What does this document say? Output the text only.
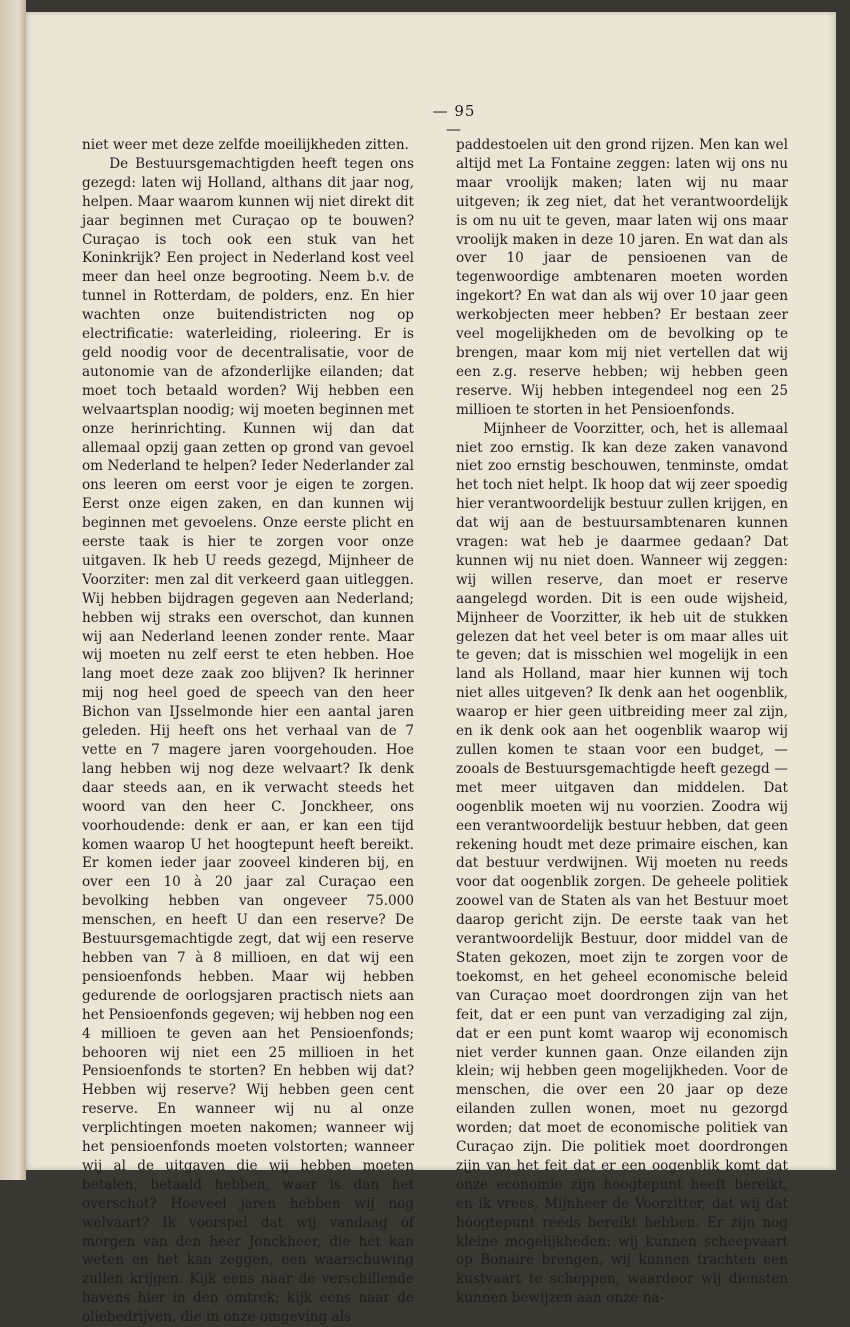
— 95 —

niet weer met deze zelfde moeilijkheden zitten.

De Bestuursgemachtigden heeft tegen ons gezegd: laten wij Holland, althans dit jaar nog, helpen. Maar waarom kunnen wij niet direkt dit jaar beginnen met Curaçao op te bouwen? Curaçao is toch ook een stuk van het Koninkrijk? Een project in Nederland kost veel meer dan heel onze begrooting. Neem b.v. de tunnel in Rotterdam, de polders, enz. En hier wachten onze buitendistricten nog op electrificatie: waterleiding, rioleering. Er is geld noodig voor de decentralisatie, voor de autonomie van de afzonderlijke eilanden; dat moet toch betaald worden? Wij hebben een welvaartsplan noodig; wij moeten beginnen met onze herinrichting. Kunnen wij dan dat allemaal opzij gaan zetten op grond van gevoel om Nederland te helpen? Ieder Nederlander zal ons leeren om eerst voor je eigen te zorgen. Eerst onze eigen zaken, en dan kunnen wij beginnen met gevoelens. Onze eerste plicht en eerste taak is hier te zorgen voor onze uitgaven. Ik heb U reeds gezegd, Mijnheer de Voorziter: men zal dit verkeerd gaan uitleggen. Wij hebben bijdragen gegeven aan Nederland; hebben wij straks een overschot, dan kunnen wij aan Nederland leenen zonder rente. Maar wij moeten nu zelf eerst te eten hebben. Hoe lang moet deze zaak zoo blijven? Ik herinner mij nog heel goed de speech van den heer Bichon van IJsselmonde hier een aantal jaren geleden. Hij heeft ons het verhaal van de 7 vette en 7 magere jaren voorgehouden. Hoe lang hebben wij nog deze welvaart? Ik denk daar steeds aan, en ik verwacht steeds het woord van den heer C. Jonckheer, ons voorhoudende: denk er aan, er kan een tijd komen waarop U het hoogtepunt heeft bereikt. Er komen ieder jaar zooveel kinderen bij, en over een 10 à 20 jaar zal Curaçao een bevolking hebben van ongeveer 75.000 menschen, en heeft U dan een reserve? De Bestuursgemachtigde zegt, dat wij een reserve hebben van 7 à 8 millioen, en dat wij een pensioenfonds hebben. Maar wij hebben gedurende de oorlogsjaren practisch niets aan het Pensioenfonds gegeven; wij hebben nog een 4 millioen te geven aan het Pensioenfonds; behooren wij niet een 25 millioen in het Pensioenfonds te storten? En hebben wij dat? Hebben wij reserve? Wij hebben geen cent reserve. En wanneer wij nu al onze verplichtingen moeten nakomen; wanneer wij het pensioenfonds moeten volstorten; wanneer wij al de uitgaven die wij hebben moeten betalen, betaald hebben, waar is dan het overschot? Hoeveel jaren hebben wij nog welvaart? Ik voorspel dat wij vandaag of morgen van den heer Jonckheer, die het kan weten en het kan zeggen, een waarschuwing zullen krijgen. Kijk eens naar de verschillende havens hier in den omtrek; kijk eens naar de oliebedrijven, die in onze omgeving als

paddestoelen uit den grond rijzen. Men kan wel altijd met La Fontaine zeggen: laten wij ons nu maar vroolijk maken; laten wij nu maar uitgeven; ik zeg niet, dat het verantwoordelijk is om nu uit te geven, maar laten wij ons maar vroolijk maken in deze 10 jaren. En wat dan als over 10 jaar de pensioenen van de tegenwoordige ambtenaren moeten worden ingekort? En wat dan als wij over 10 jaar geen werkobjecten meer hebben? Er bestaan zeer veel mogelijkheden om de bevolking op te brengen, maar kom mij niet vertellen dat wij een z.g. reserve hebben; wij hebben geen reserve. Wij hebben integendeel nog een 25 millioen te storten in het Pensioenfonds.

Mijnheer de Voorzitter, och, het is allemaal niet zoo ernstig. Ik kan deze zaken vanavond niet zoo ernstig beschouwen, tenminste, omdat het toch niet helpt. Ik hoop dat wij zeer spoedig hier verantwoordelijk bestuur zullen krijgen, en dat wij aan de bestuursambtenaren kunnen vragen: wat heb je daarmee gedaan? Dat kunnen wij nu niet doen. Wanneer wij zeggen: wij willen reserve, dan moet er reserve aangelegd worden. Dit is een oude wijsheid, Mijnheer de Voorzitter, ik heb uit de stukken gelezen dat het veel beter is om maar alles uit te geven; dat is misschien wel mogelijk in een land als Holland, maar hier kunnen wij toch niet alles uitgeven? Ik denk aan het oogenblik, waarop er hier geen uitbreiding meer zal zijn, en ik denk ook aan het oogenblik waarop wij zullen komen te staan voor een budget, — zooals de Bestuursgemachtigde heeft gezegd — met meer uitgaven dan middelen. Dat oogenblik moeten wij nu voorzien. Zoodra wij een verantwoordelijk bestuur hebben, dat geen rekening houdt met deze primaire eischen, kan dat bestuur verdwijnen. Wij moeten nu reeds voor dat oogenblik zorgen. De geheele politiek zoowel van de Staten als van het Bestuur moet daarop gericht zijn. De eerste taak van het verantwoordelijk Bestuur, door middel van de Staten gekozen, moet zijn te zorgen voor de toekomst, en het geheel economische beleid van Curaçao moet doordrongen zijn van het feit, dat er een punt van verzadiging zal zijn, dat er een punt komt waarop wij economisch niet verder kunnen gaan. Onze eilanden zijn klein; wij hebben geen mogelijkheden. Voor de menschen, die over een 20 jaar op deze eilanden zullen wonen, moet nu gezorgd worden; dat moet de economische politiek van Curaçao zijn. Die politiek moet doordrongen zijn van het feit dat er een oogenblik komt dat onze economie zijn hoogtepunt heeft bereikt, en ik vrees, Mijnheer de Voorzitter, dat wij dat hoogtepunt reeds bereikt hebben. Er zijn nog kleine mogelijkheden: wij kunnen scheepvaart op Bonaire brengen, wij kunnen trachten een kustvaart te scheppen, waardoor wij diensten kunnen bewijzen aan onze na-
